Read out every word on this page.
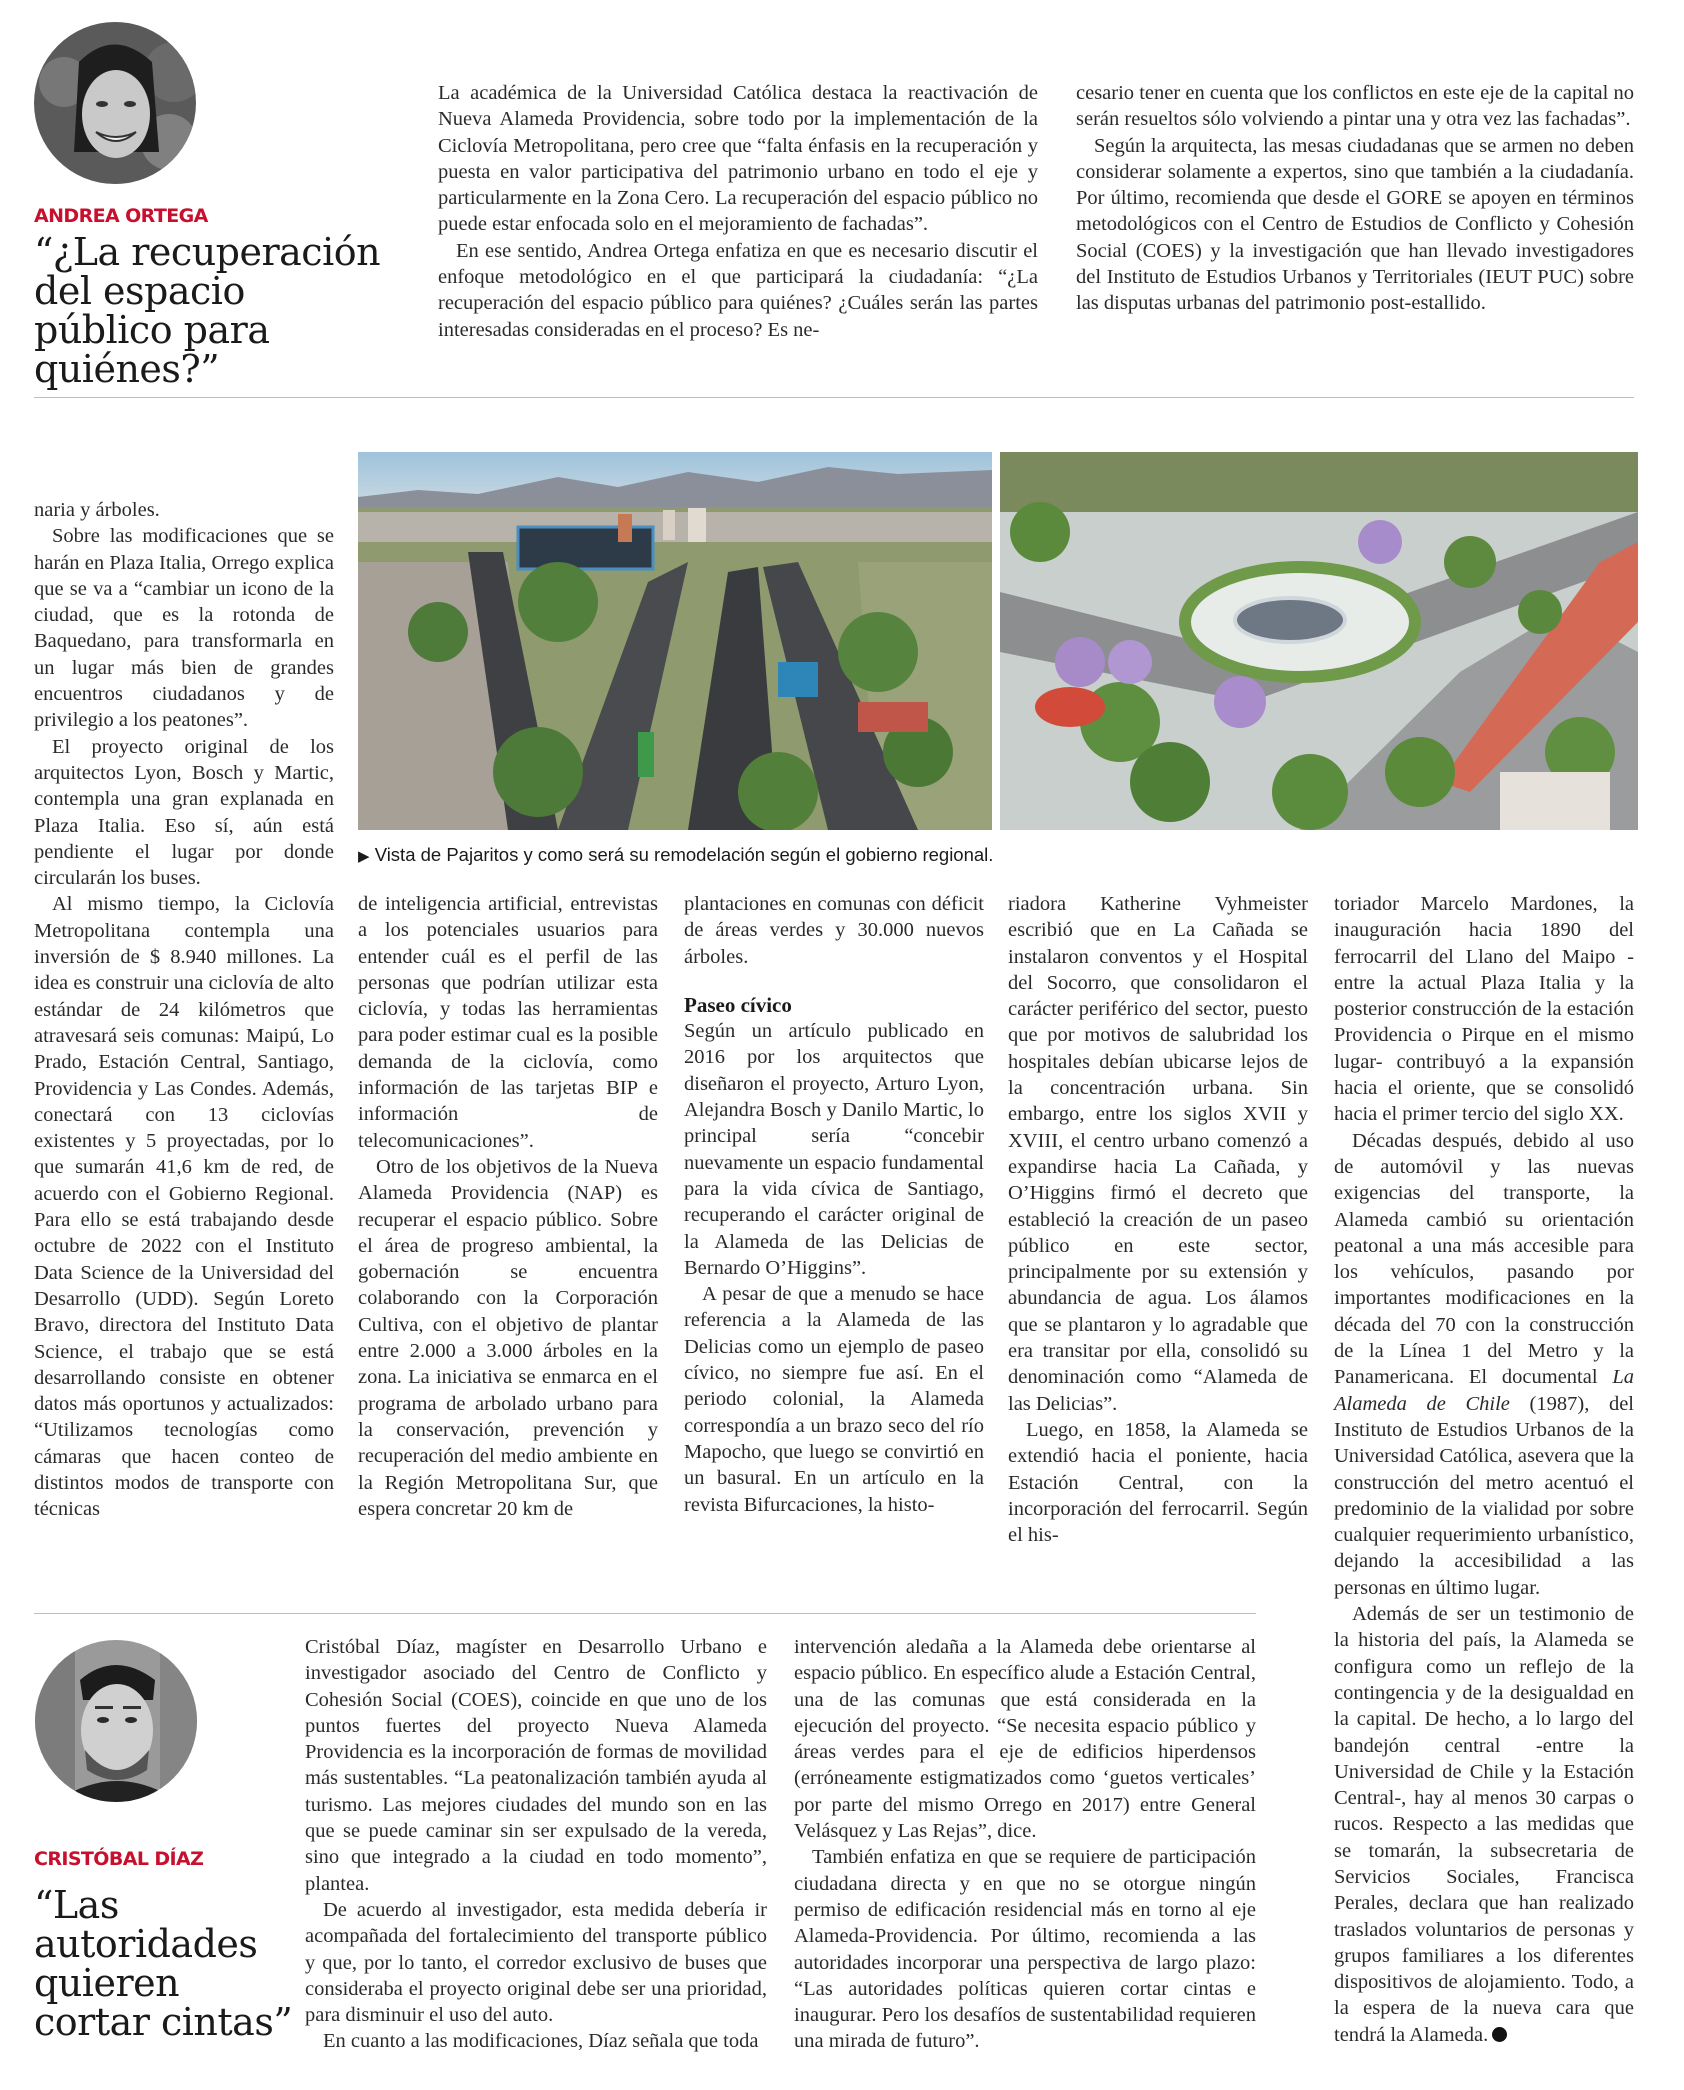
ANDREA ORTEGA
“¿La recuperación del espacio público para quiénes?”

La académica de la Universidad Católica destaca la reactivación de Nueva Alameda Providencia, sobre todo por la implementación de la Ciclovía Metropolitana, pero cree que “falta énfasis en la recuperación y puesta en valor participativa del patrimonio urbano en todo el eje y particularmente en la Zona Cero. La recuperación del espacio público no puede estar enfocada solo en el mejoramiento de fachadas”.

En ese sentido, Andrea Ortega enfatiza en que es necesario discutir el enfoque metodológico en el que participará la ciudadanía: “¿La recuperación del espacio público para quiénes? ¿Cuáles serán las partes interesadas consideradas en el proceso? Es ne-

cesario tener en cuenta que los conflictos en este eje de la capital no serán resueltos sólo volviendo a pintar una y otra vez las fachadas”.

Según la arquitecta, las mesas ciudadanas que se armen no deben considerar solamente a expertos, sino que también a la ciudadanía. Por último, recomienda que desde el GORE se apoyen en términos metodológicos con el Centro de Estudios de Conflicto y Cohesión Social (COES) y la investigación que han llevado investigadores del Instituto de Estudios Urbanos y Territoriales (IEUT PUC) sobre las disputas urbanas del patrimonio post-estallido.

naria y árboles.

Sobre las modificaciones que se harán en Plaza Italia, Orrego explica que se va a “cambiar un icono de la ciudad, que es la rotonda de Baquedano, para transformarla en un lugar más bien de grandes encuentros ciudadanos y de privilegio a los peatones”.

El proyecto original de los arquitectos Lyon, Bosch y Martic, contempla una gran explanada en Plaza Italia. Eso sí, aún está pendiente el lugar por donde circularán los buses.

Al mismo tiempo, la Ciclovía Metropolitana contempla una inversión de $ 8.940 millones. La idea es construir una ciclovía de alto estándar de 24 kilómetros que atravesará seis comunas: Maipú, Lo Prado, Estación Central, Santiago, Providencia y Las Condes. Además, conectará con 13 ciclovías existentes y 5 proyectadas, por lo que sumarán 41,6 km de red, de acuerdo con el Gobierno Regional. Para ello se está trabajando desde octubre de 2022 con el Instituto Data Science de la Universidad del Desarrollo (UDD). Según Loreto Bravo, directora del Instituto Data Science, el trabajo que se está desarrollando consiste en obtener datos más oportunos y actualizados: “Utilizamos tecnologías como cámaras que hacen conteo de distintos modos de transporte con técnicas

▶ Vista de Pajaritos y como será su remodelación según el gobierno regional.

de inteligencia artificial, entrevistas a los potenciales usuarios para entender cuál es el perfil de las personas que podrían utilizar esta ciclovía, y todas las herramientas para poder estimar cual es la posible demanda de la ciclovía, como información de las tarjetas BIP e información de telecomunicaciones”.

Otro de los objetivos de la Nueva Alameda Providencia (NAP) es recuperar el espacio público. Sobre el área de progreso ambiental, la gobernación se encuentra colaborando con la Corporación Cultiva, con el objetivo de plantar entre 2.000 a 3.000 árboles en la zona. La iniciativa se enmarca en el programa de arbolado urbano para la conservación, prevención y recuperación del medio ambiente en la Región Metropolitana Sur, que espera concretar 20 km de

plantaciones en comunas con déficit de áreas verdes y 30.000 nuevos árboles.

Paseo cívico

Según un artículo publicado en 2016 por los arquitectos que diseñaron el proyecto, Arturo Lyon, Alejandra Bosch y Danilo Martic, lo principal sería “concebir nuevamente un espacio fundamental para la vida cívica de Santiago, recuperando el carácter original de la Alameda de las Delicias de Bernardo O’Higgins”.

A pesar de que a menudo se hace referencia a la Alameda de las Delicias como un ejemplo de paseo cívico, no siempre fue así. En el periodo colonial, la Alameda correspondía a un brazo seco del río Mapocho, que luego se convirtió en un basural. En un artículo en la revista Bifurcaciones, la histo-

riadora Katherine Vyhmeister escribió que en La Cañada se instalaron conventos y el Hospital del Socorro, que consolidaron el carácter periférico del sector, puesto que por motivos de salubridad los hospitales debían ubicarse lejos de la concentración urbana. Sin embargo, entre los siglos XVII y XVIII, el centro urbano comenzó a expandirse hacia La Cañada, y O’Higgins firmó el decreto que estableció la creación de un paseo público en este sector, principalmente por su extensión y abundancia de agua. Los álamos que se plantaron y lo agradable que era transitar por ella, consolidó su denominación como “Alameda de las Delicias”.

Luego, en 1858, la Alameda se extendió hacia el poniente, hacia Estación Central, con la incorporación del ferrocarril. Según el his-

toriador Marcelo Mardones, la inauguración hacia 1890 del ferrocarril del Llano del Maipo -entre la actual Plaza Italia y la posterior construcción de la estación Providencia o Pirque en el mismo lugar- contribuyó a la expansión hacia el oriente, que se consolidó hacia el primer tercio del siglo XX.

Décadas después, debido al uso de automóvil y las nuevas exigencias del transporte, la Alameda cambió su orientación peatonal a una más accesible para los vehículos, pasando por importantes modificaciones en la década del 70 con la construcción de la Línea 1 del Metro y la Panamericana. El documental La Alameda de Chile (1987), del Instituto de Estudios Urbanos de la Universidad Católica, asevera que la construcción del metro acentuó el predominio de la vialidad por sobre cualquier requerimiento urbanístico, dejando la accesibilidad a las personas en último lugar.

Además de ser un testimonio de la historia del país, la Alameda se configura como un reflejo de la contingencia y de la desigualdad en la capital. De hecho, a lo largo del bandejón central -entre la Universidad de Chile y la Estación Central-, hay al menos 30 carpas o rucos. Respecto a las medidas que se tomarán, la subsecretaria de Servicios Sociales, Francisca Perales, declara que han realizado traslados voluntarios de personas y grupos familiares a los diferentes dispositivos de alojamiento. Todo, a la espera de la nueva cara que tendrá la Alameda.

CRISTÓBAL DÍAZ
“Las autoridades quieren cortar cintas”

Cristóbal Díaz, magíster en Desarrollo Urbano e investigador asociado del Centro de Conflicto y Cohesión Social (COES), coincide en que uno de los puntos fuertes del proyecto Nueva Alameda Providencia es la incorporación de formas de movilidad más sustentables. “La peatonalización también ayuda al turismo. Las mejores ciudades del mundo son en las que se puede caminar sin ser expulsado de la vereda, sino que integrado a la ciudad en todo momento”, plantea.

De acuerdo al investigador, esta medida debería ir acompañada del fortalecimiento del transporte público y que, por lo tanto, el corredor exclusivo de buses que consideraba el proyecto original debe ser una prioridad, para disminuir el uso del auto.

En cuanto a las modificaciones, Díaz señala que toda

intervención aledaña a la Alameda debe orientarse al espacio público. En específico alude a Estación Central, una de las comunas que está considerada en la ejecución del proyecto. “Se necesita espacio público y áreas verdes para el eje de edificios hiperdensos (erróneamente estigmatizados como ‘guetos verticales’ por parte del mismo Orrego en 2017) entre General Velásquez y Las Rejas”, dice.

También enfatiza en que se requiere de participación ciudadana directa y en que no se otorgue ningún permiso de edificación residencial más en torno al eje Alameda-Providencia. Por último, recomienda a las autoridades incorporar una perspectiva de largo plazo: “Las autoridades políticas quieren cortar cintas e inaugurar. Pero los desafíos de sustentabilidad requieren una mirada de futuro”.
